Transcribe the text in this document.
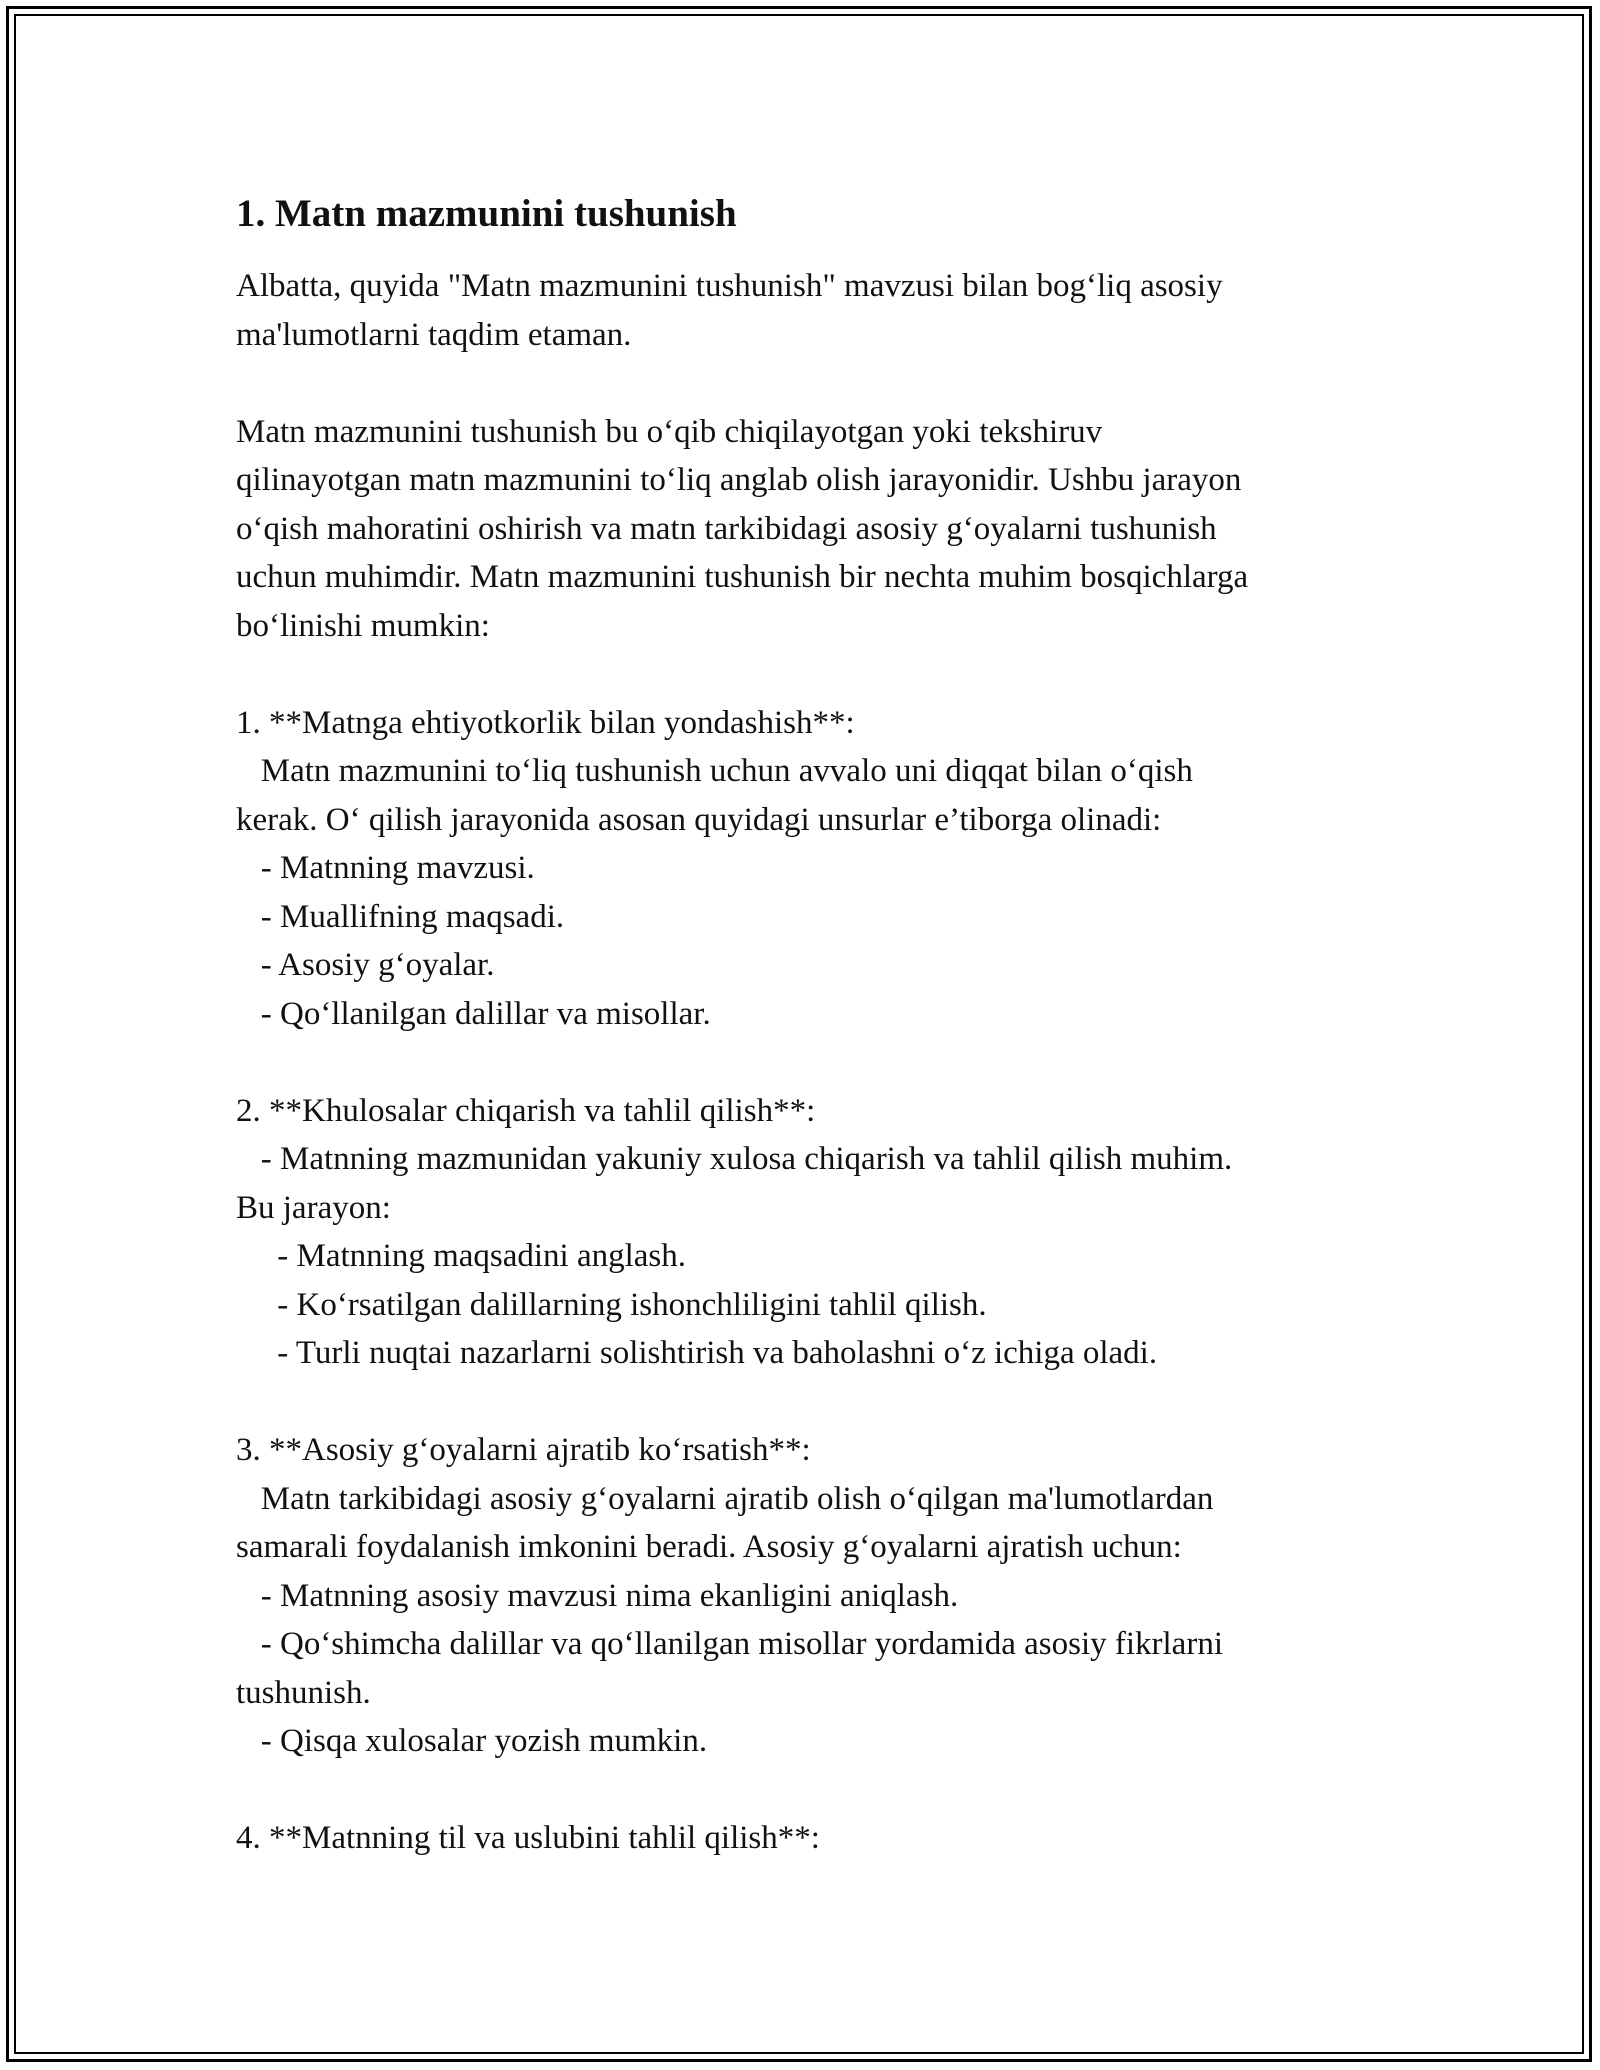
1. Matn mazmunini tushunish
Albatta, quyida "Matn mazmunini tushunish" mavzusi bilan bog‘liq asosiy
ma'lumotlarni taqdim etaman.
Matn mazmunini tushunish bu o‘qib chiqilayotgan yoki tekshiruv
qilinayotgan matn mazmunini to‘liq anglab olish jarayonidir. Ushbu jarayon
o‘qish mahoratini oshirish va matn tarkibidagi asosiy g‘oyalarni tushunish
uchun muhimdir. Matn mazmunini tushunish bir nechta muhim bosqichlarga
bo‘linishi mumkin:
1. **Matnga ehtiyotkorlik bilan yondashish**:
Matn mazmunini to‘liq tushunish uchun avvalo uni diqqat bilan o‘qish
kerak. O‘ qilish jarayonida asosan quyidagi unsurlar e’tiborga olinadi:
- Matnning mavzusi.
- Muallifning maqsadi.
- Asosiy g‘oyalar.
- Qo‘llanilgan dalillar va misollar.
2. **Khulosalar chiqarish va tahlil qilish**:
- Matnning mazmunidan yakuniy xulosa chiqarish va tahlil qilish muhim.
Bu jarayon:
- Matnning maqsadini anglash.
- Ko‘rsatilgan dalillarning ishonchliligini tahlil qilish.
- Turli nuqtai nazarlarni solishtirish va baholashni o‘z ichiga oladi.
3. **Asosiy g‘oyalarni ajratib ko‘rsatish**:
Matn tarkibidagi asosiy g‘oyalarni ajratib olish o‘qilgan ma'lumotlardan
samarali foydalanish imkonini beradi. Asosiy g‘oyalarni ajratish uchun:
- Matnning asosiy mavzusi nima ekanligini aniqlash.
- Qo‘shimcha dalillar va qo‘llanilgan misollar yordamida asosiy fikrlarni
tushunish.
- Qisqa xulosalar yozish mumkin.
4. **Matnning til va uslubini tahlil qilish**:
